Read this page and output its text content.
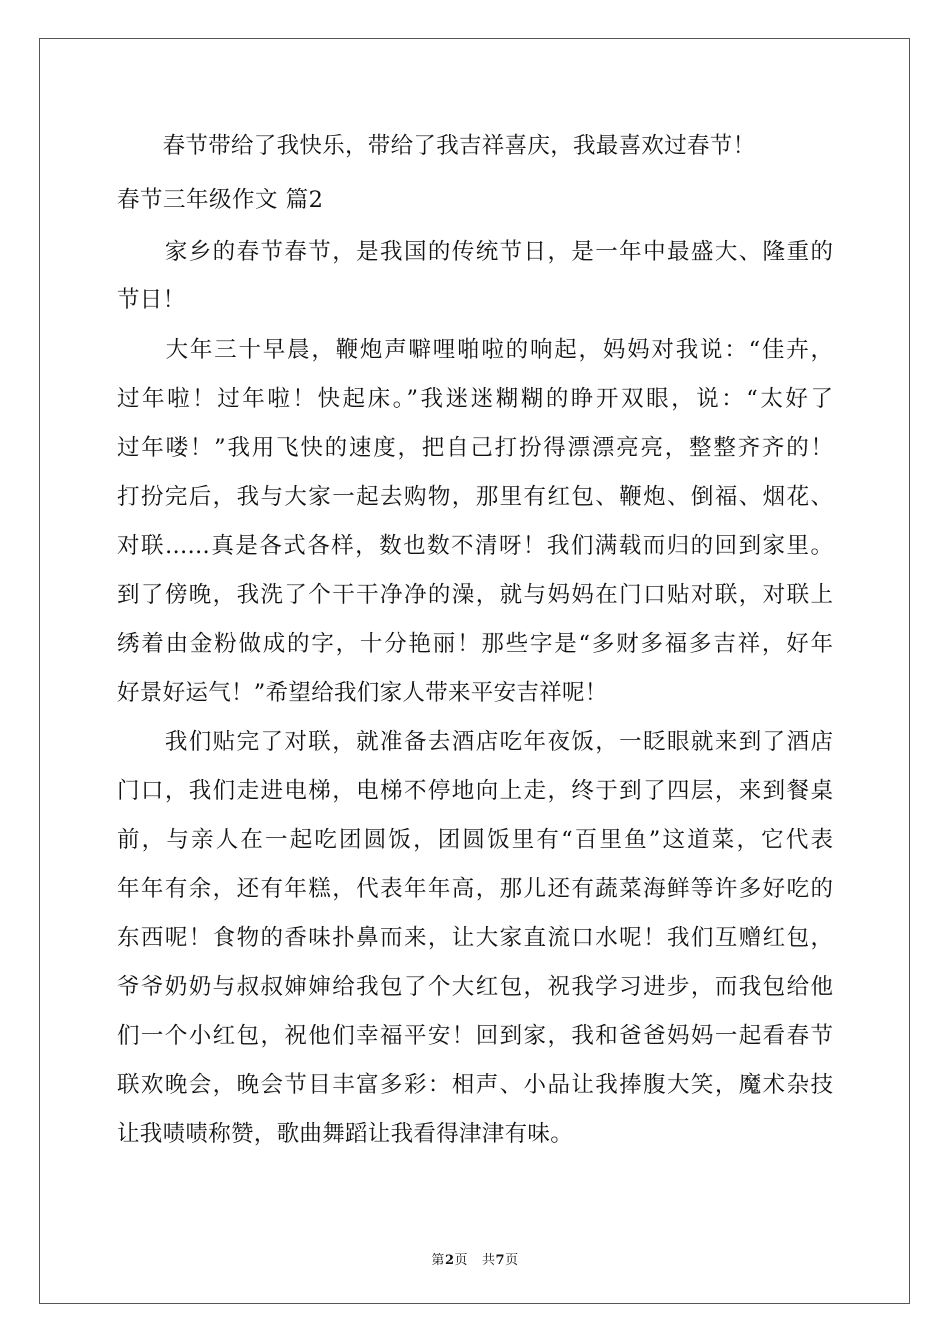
　　春节带给了我快乐，带给了我吉祥喜庆，我最喜欢过春节！
春节三年级作文 篇2
　　家乡的春节春节，是我国的传统节日，是一年中最盛大、隆重的
节日！
　　大年三十早晨，鞭炮声噼哩啪啦的响起，妈妈对我说：“佳卉，
过年啦！过年啦！快起床。”我迷迷糊糊的睁开双眼，说：“太好了
过年喽！”我用飞快的速度，把自己打扮得漂漂亮亮，整整齐齐的！
打扮完后，我与大家一起去购物，那里有红包、鞭炮、倒福、烟花、
对联……真是各式各样，数也数不清呀！我们满载而归的回到家里。
到了傍晚，我洗了个干干净净的澡，就与妈妈在门口贴对联，对联上
绣着由金粉做成的字，十分艳丽！那些字是“多财多福多吉祥，好年
好景好运气！”希望给我们家人带来平安吉祥呢！
　　我们贴完了对联，就准备去酒店吃年夜饭，一眨眼就来到了酒店
门口，我们走进电梯，电梯不停地向上走，终于到了四层，来到餐桌
前，与亲人在一起吃团圆饭，团圆饭里有“百里鱼”这道菜，它代表
年年有余，还有年糕，代表年年高，那儿还有蔬菜海鲜等许多好吃的
东西呢！食物的香味扑鼻而来，让大家直流口水呢！我们互赠红包，
爷爷奶奶与叔叔婶婶给我包了个大红包，祝我学习进步，而我包给他
们一个小红包，祝他们幸福平安！回到家，我和爸爸妈妈一起看春节
联欢晚会，晚会节目丰富多彩：相声、小品让我捧腹大笑，魔术杂技
让我啧啧称赞，歌曲舞蹈让我看得津津有味。
第2页 共7页
